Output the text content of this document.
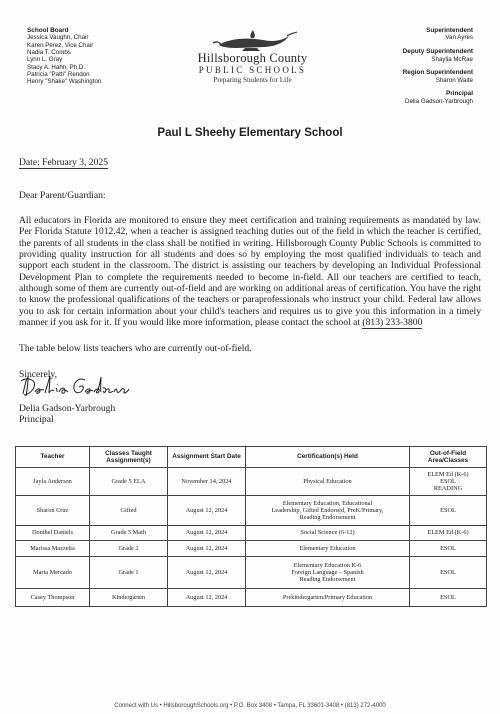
School Board
Jessica Vaughn, Chair
Karen Perez, Vice Chair
Nadia T. Combs
Lynn L. Gray
Stacy A. Hahn, Ph.D.
Patricia "Patti" Rendon
Henry "Shake" Washington
Hillsborough County
PUBLIC SCHOOLS
Preparing Students for Life
Superintendent
Van Ayres
Deputy Superintendent
Shaylia McRae
Region Superintendent
Sharon Waite
Principal
Delia Gadson-Yarbrough
Paul L Sheehy Elementary School
Date: February 3, 2025
Dear Parent/Guardian:
All educators in Florida are monitored to ensure they meet certification and training requirements as mandated by law. Per Florida Statute 1012.42, when a teacher is assigned teaching duties out of the field in which the teacher is certified, the parents of all students in the class shall be notified in writing. Hillsborough County Public Schools is committed to providing quality instruction for all students and does so by employing the most qualified individuals to teach and support each student in the classroom. The district is assisting our teachers by developing an Individual Professional Development Plan to complete the requirements needed to become in-field. All our teachers are certified to teach, although some of them are currently out-of-field and are working on additional areas of certification. You have the right to know the professional qualifications of the teachers or paraprofessionals who instruct your child. Federal law allows you to ask for certain information about your child's teachers and requires us to give you this information in a timely manner if you ask for it. If you would like more information, please contact the school at (813) 233-3800
The table below lists teachers who are currently out-of-field.
Sincerely,
Delia Gadson-Yarbrough
Principal
Teacher	Classes Taught Assignment(s)	Assignment Start Date	Certification(s) Held	Out-of-Field Area/Classes
Jayla Anderson	Grade 5 ELA	November 14, 2024	Physical Education	ELEM Ed (K-6)
ESOL
READING

Sharon Cruz	Gifted	August 12, 2024	Elementary Education, Educational
Leadership, Gifted Endorsed, PreK/Primary,
Reading Endorsement	ESOL

Donthel Daniels	Grade 5 Math	August 12, 2024	Social Science (6-12)	ELEM Ed (K-6)

Marissa Mazzetta	Grade 2	August 12, 2024	Elementary Education	ESOL

Maria Mercado	Grade 1	August 12, 2024	Elementary Education K-6
Foreign Language – Spanish
Reading Endorsement	ESOL

Casey Thompson	Kindergarten	August 12, 2024	Prekindergarten/Primary Education	ESOL
Connect with Us • HillsboroughSchools.org • P.O. Box 3408 • Tampa, FL 33601-3408 • (813) 272-4000
